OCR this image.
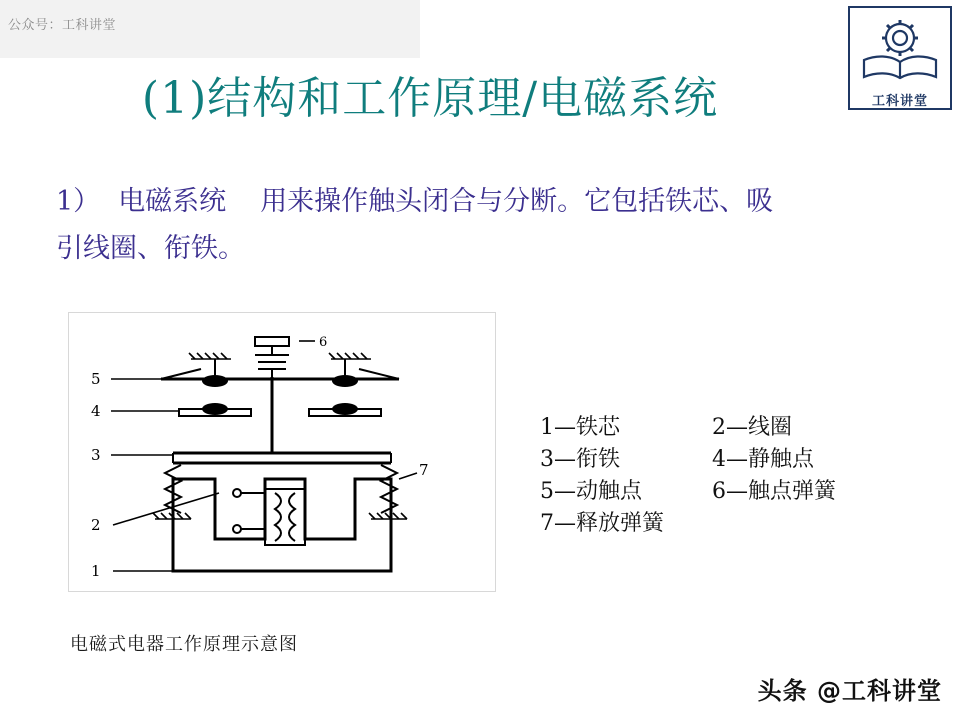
公众号：工科讲堂
工科讲堂
(1)结构和工作原理/电磁系统
1） 电磁系统 用来操作触头闭合与分断。它包括铁芯、吸
引线圈、衔铁。
5
4
3
2
1
6
7
电磁式电器工作原理示意图
1—铁芯	2—线圈
3—衔铁	4—静触点
5—动触点	6—触点弹簧
7—释放弹簧
头条 @工科讲堂
